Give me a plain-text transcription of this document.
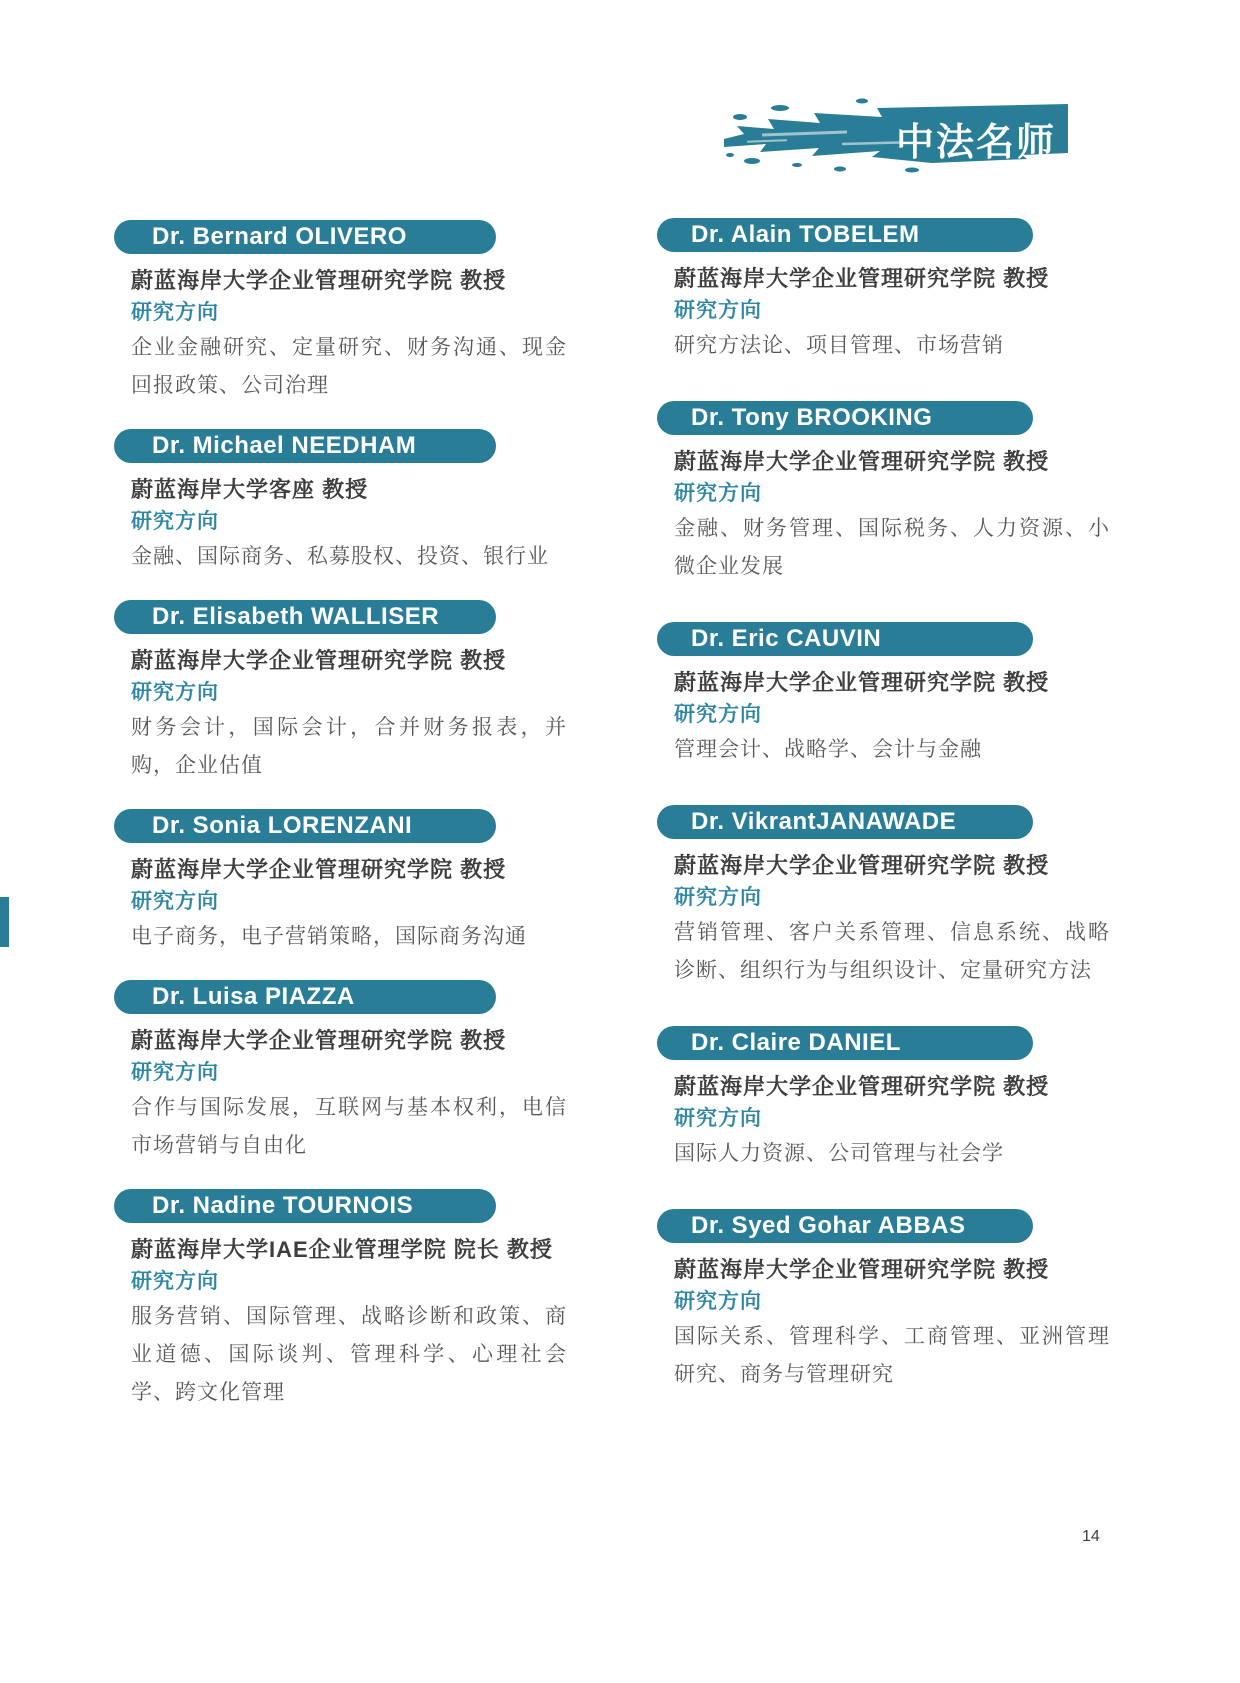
中法名师
Dr. Bernard OLIVERO
蔚蓝海岸大学企业管理研究学院 教授
研究方向
企业金融研究、定量研究、财务沟通、现金回报政策、公司治理
Dr. Michael NEEDHAM
蔚蓝海岸大学客座 教授
研究方向
金融、国际商务、私募股权、投资、银行业
Dr. Elisabeth WALLISER
蔚蓝海岸大学企业管理研究学院 教授
研究方向
财务会计，国际会计，合并财务报表，并购，企业估值
Dr. Sonia LORENZANI
蔚蓝海岸大学企业管理研究学院 教授
研究方向
电子商务，电子营销策略，国际商务沟通
Dr. Luisa PIAZZA
蔚蓝海岸大学企业管理研究学院 教授
研究方向
合作与国际发展，互联网与基本权利，电信市场营销与自由化
Dr. Nadine TOURNOIS
蔚蓝海岸大学IAE企业管理学院 院长 教授
研究方向
服务营销、国际管理、战略诊断和政策、商业道德、国际谈判、管理科学、心理社会学、跨文化管理
Dr. Alain TOBELEM
蔚蓝海岸大学企业管理研究学院 教授
研究方向
研究方法论、项目管理、市场营销
Dr. Tony BROOKING
蔚蓝海岸大学企业管理研究学院 教授
研究方向
金融、财务管理、国际税务、人力资源、小微企业发展
Dr. Eric CAUVIN
蔚蓝海岸大学企业管理研究学院 教授
研究方向
管理会计、战略学、会计与金融
Dr. VikrantJANAWADE
蔚蓝海岸大学企业管理研究学院 教授
研究方向
营销管理、客户关系管理、信息系统、战略诊断、组织行为与组织设计、定量研究方法
Dr. Claire DANIEL
蔚蓝海岸大学企业管理研究学院 教授
研究方向
国际人力资源、公司管理与社会学
Dr. Syed Gohar ABBAS
蔚蓝海岸大学企业管理研究学院 教授
研究方向
国际关系、管理科学、工商管理、亚洲管理研究、商务与管理研究
14
